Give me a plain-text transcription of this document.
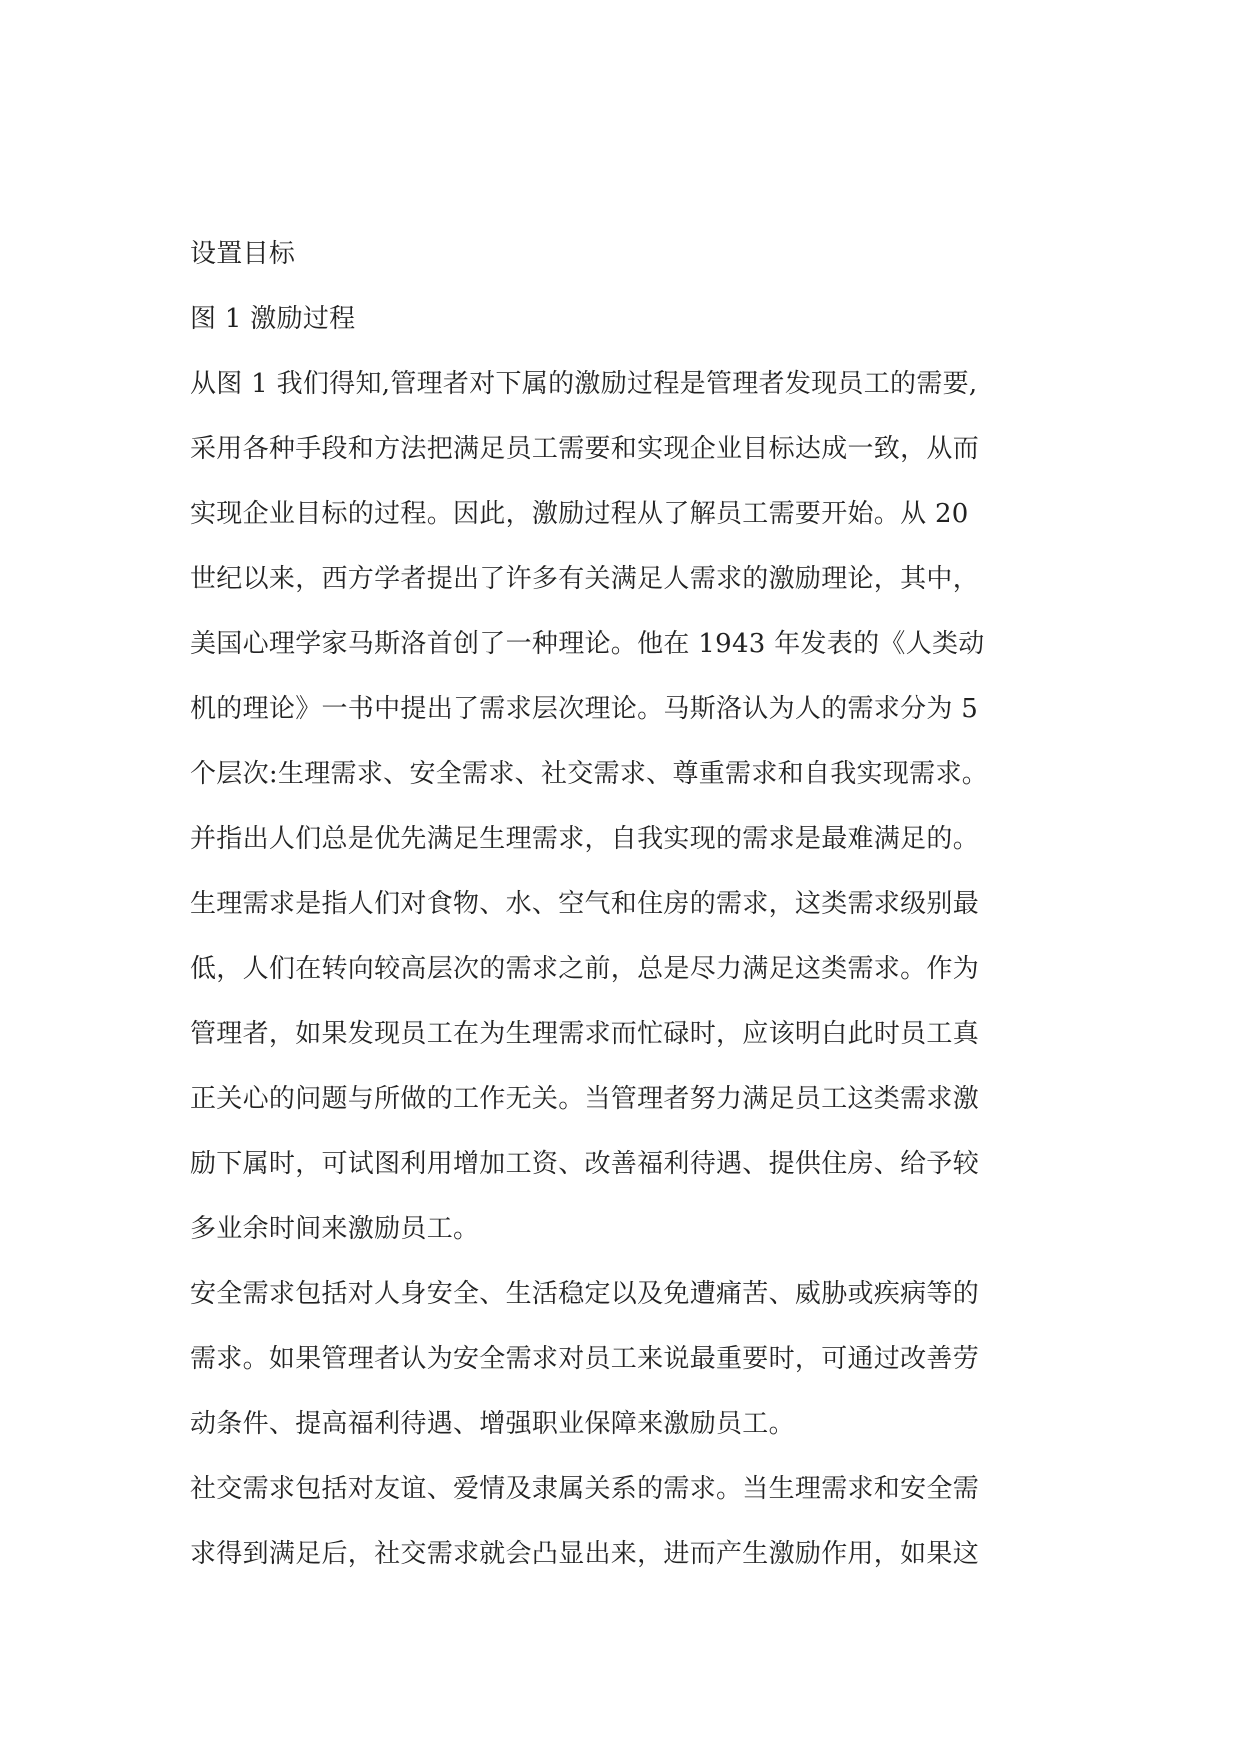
设置目标
图 1 激励过程
从图 1 我们得知,管理者对下属的激励过程是管理者发现员工的需要,
采用各种手段和方法把满足员工需要和实现企业目标达成一致，从而
实现企业目标的过程。因此，激励过程从了解员工需要开始。从 20
世纪以来，西方学者提出了许多有关满足人需求的激励理论，其中，
美国心理学家马斯洛首创了一种理论。他在 1943 年发表的《人类动
机的理论》一书中提出了需求层次理论。马斯洛认为人的需求分为 5
个层次:生理需求、安全需求、社交需求、尊重需求和自我实现需求。
并指出人们总是优先满足生理需求，自我实现的需求是最难满足的。
生理需求是指人们对食物、水、空气和住房的需求，这类需求级别最
低，人们在转向较高层次的需求之前，总是尽力满足这类需求。作为
管理者，如果发现员工在为生理需求而忙碌时，应该明白此时员工真
正关心的问题与所做的工作无关。当管理者努力满足员工这类需求激
励下属时，可试图利用增加工资、改善福利待遇、提供住房、给予较
多业余时间来激励员工。
安全需求包括对人身安全、生活稳定以及免遭痛苦、威胁或疾病等的
需求。如果管理者认为安全需求对员工来说最重要时，可通过改善劳
动条件、提高福利待遇、增强职业保障来激励员工。
社交需求包括对友谊、爱情及隶属关系的需求。当生理需求和安全需
求得到满足后，社交需求就会凸显出来，进而产生激励作用，如果这
